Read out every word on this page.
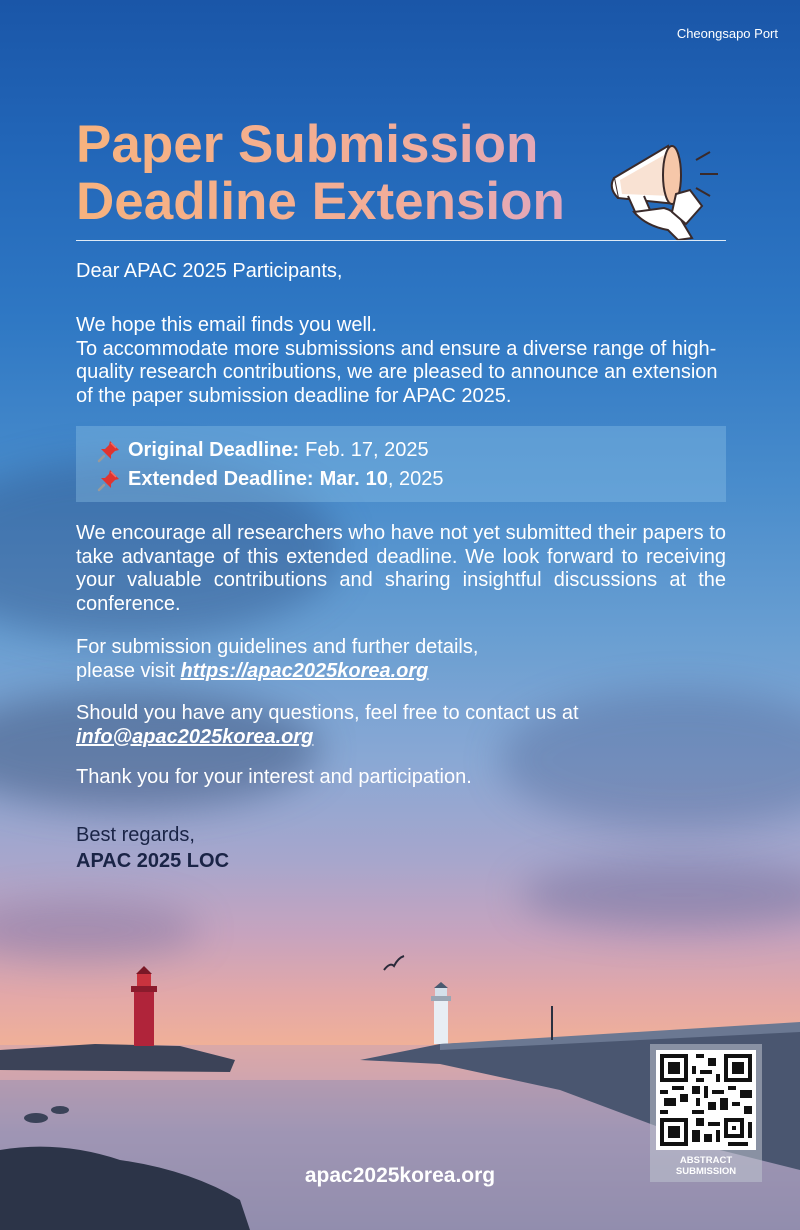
Cheongsapo Port
Paper Submission
Deadline Extension
Dear APAC 2025 Participants,
We hope this email finds you well.
To accommodate more submissions and ensure a diverse range of high-quality research contributions, we are pleased to announce an extension of the paper submission deadline for APAC 2025.
Original Deadline: Feb. 17, 2025
Extended Deadline: Mar. 10 , 2025
We encourage all researchers who have not yet submitted their papers to take advantage of this extended deadline. We look forward to receiving your valuable contributions and sharing insightful discussions at the conference.
For submission guidelines and further details,
please visit https://apac2025korea.org
Should you have any questions, feel free to contact us at
info@apac2025korea.org
Thank you for your interest and participation.
Best regards,
APAC 2025 LOC
ABSTRACT
SUBMISSION
apac2025korea.org
